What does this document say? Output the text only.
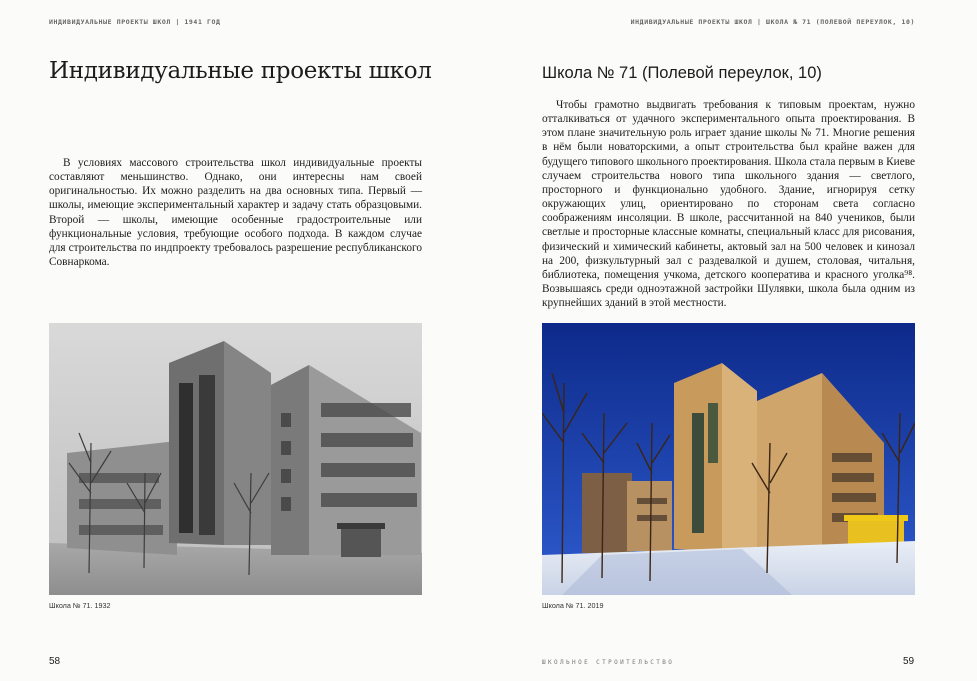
ИНДИВИДУАЛЬНЫЕ ПРОЕКТЫ ШКОЛ | 1941 ГОД
Индивидуальные проекты школ

В условиях массового строительства школ индивидуальные проекты составляют меньшинство. Однако, они интересны нам своей оригинальностью. Их можно разделить на два основных типа. Первый — школы, имеющие экспериментальный характер и задачу стать образцовыми. Второй — школы, имеющие особенные градостроительные или функциональные условия, требующие особого подхода. В каждом случае для строительства по индпроекту требовалось разрешение республиканского Совнаркома.

Школа № 71. 1932
58
ИНДИВИДУАЛЬНЫЕ ПРОЕКТЫ ШКОЛ | ШКОЛА № 71 (ПОЛЕВОЙ ПЕРЕУЛОК, 10)
Школа № 71 (Полевой переулок, 10)

Чтобы грамотно выдвигать требования к типовым проектам, нужно отталкиваться от удачного экспериментального опыта проектирования. В этом плане значительную роль играет здание школы № 71. Многие решения в нём были новаторскими, а опыт строительства был крайне важен для будущего типового школьного проектирования. Школа стала первым в Киеве случаем строительства нового типа школьного здания — светлого, просторного и функционально удобного. Здание, игнорируя сетку окружающих улиц, ориентировано по сторонам света согласно соображениям инсоляции. В школе, рассчитанной на 840 учеников, были светлые и просторные классные комнаты, специальный класс для рисования, физический и химический кабинеты, актовый зал на 500 человек и кинозал на 200, физкультурный зал с раздевалкой и душем, столовая, читальня, библиотека, помещения учкома, детского кооператива и красного уголка⁹⁸. Возвышаясь среди одноэтажной застройки Шулявки, школа была одним из крупнейших зданий в этой местности.

Школа № 71. 2019
ШКОЛЬНОЕ СТРОИТЕЛЬСТВО	59
